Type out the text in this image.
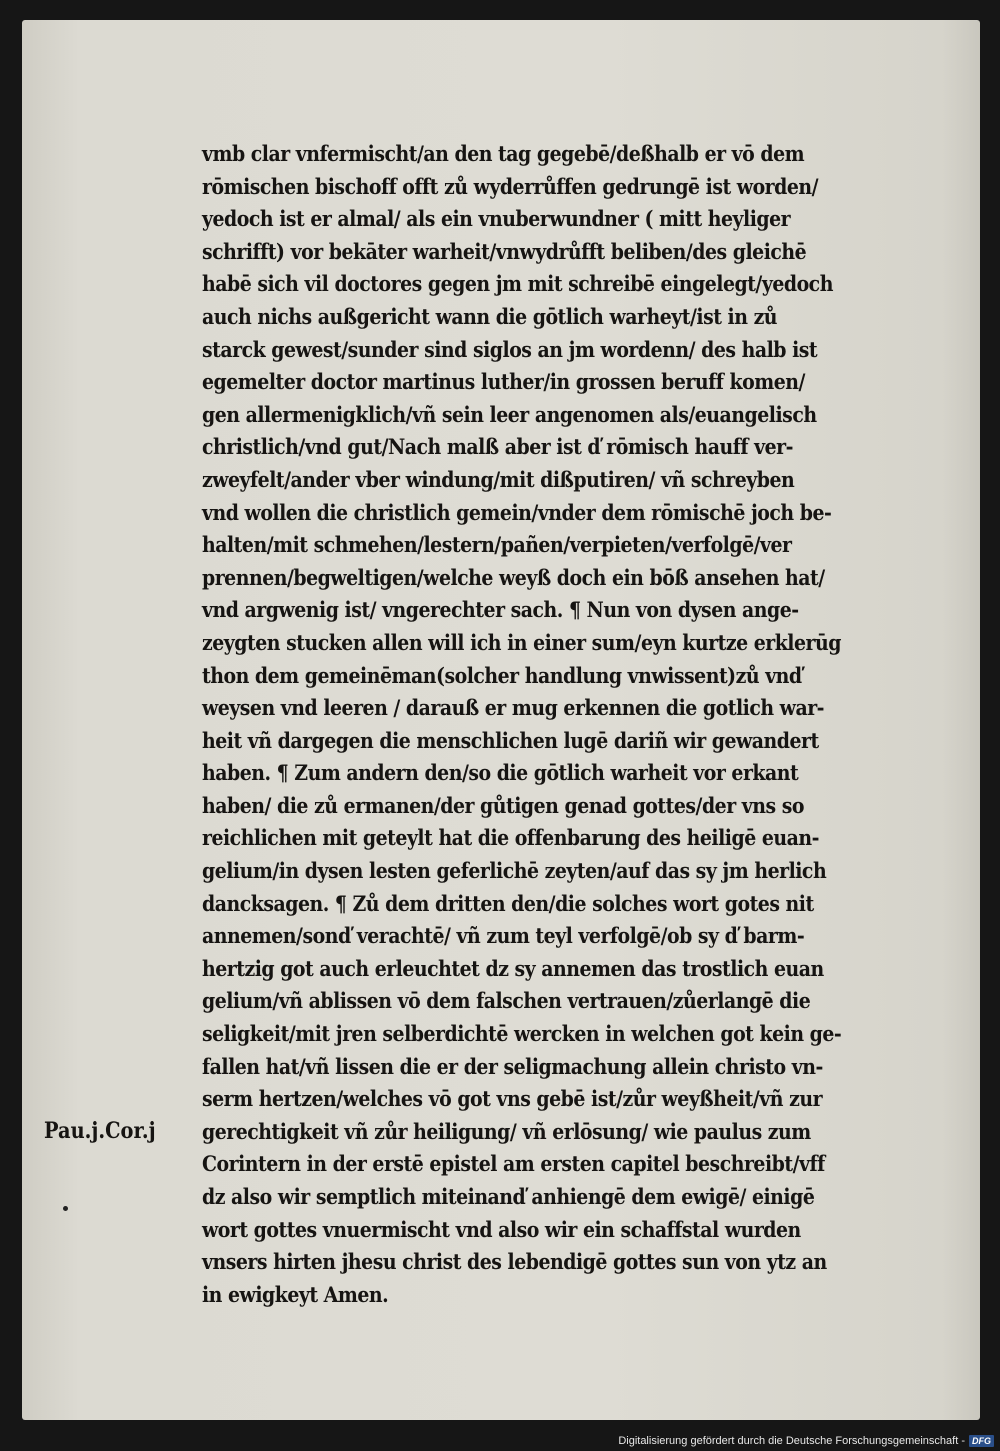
vmb clar vnfermischt/an den tag gegebē/deßhalb er vō dem
rōmischen bischoff offt zů wyderrůffen gedrungē ist worden/
yedoch ist er almal/ als ein vnuberwundner ( mitt heyliger
schrifft) vor bekāter warheit/vnwydrůfft beliben/des gleichē
habē sich vil doctores gegen jm mit schreibē eingelegt/yedoch
auch nichs außgericht wann die gōtlich warheyt/ist in zů
starck gewest/sunder sind siglos an jm wordenn/ des halb ist
egemelter doctor martinus luther/in grossen beruff komen/
gen allermenigklich/vñ sein leer angenomen als/euangelisch
christlich/vnd gut/Nach malß aber ist ď rōmisch hauff ver-
zweyfelt/ander vber windung/mit dißputiren/ vñ schreyben
vnd wollen die christlich gemein/vnder dem rōmischē joch be-
halten/mit schmehen/lestern/pañen/verpieten/verfolgē/ver
prennen/begweltigen/welche weyß doch ein bōß ansehen hat/
vnd argwenig ist/ vngerechter sach. ¶ Nun von dysen ange-
zeygten stucken allen will ich in einer sum/eyn kurtze erklerūg
thon dem gemeinēman(solcher handlung vnwissent)zů vnď
weysen vnd leeren / darauß er mug erkennen die gotlich war-
heit vñ dargegen die menschlichen lugē dariñ wir gewandert
haben. ¶ Zum andern den/so die gōtlich warheit vor erkant
haben/ die zů ermanen/der gůtigen genad gottes/der vns so
reichlichen mit geteylt hat die offenbarung des heiligē euan-
gelium/in dysen lesten geferlichē zeyten/auf das sy jm herlich
dancksagen. ¶ Zů dem dritten den/die solches wort gotes nit
annemen/sonď verachtē/ vñ zum teyl verfolgē/ob sy ď barm-
hertzig got auch erleuchtet dz sy annemen das trostlich euan
gelium/vñ ablissen vō dem falschen vertrauen/zůerlangē die
seligkeit/mit jren selberdichtē wercken in welchen got kein ge-
fallen hat/vñ lissen die er der seligmachung allein christo vn-
serm hertzen/welches vō got vns gebē ist/zůr weyßheit/vñ zur
gerechtigkeit vñ zůr heiligung/ vñ erlōsung/ wie paulus zum
Corintern in der erstē epistel am ersten capitel beschreibt/vff
dz also wir semptlich miteinanď anhiengē dem ewigē/ einigē
wort gottes vnuermischt vnd also wir ein schaffstal wurden
vnsers hirten jhesu christ des lebendigē gottes sun von ytz an
in ewigkeyt Amen.
Pau.j.Cor.j
Digitalisierung gefördert durch die Deutsche Forschungsgemeinschaft - DFG
